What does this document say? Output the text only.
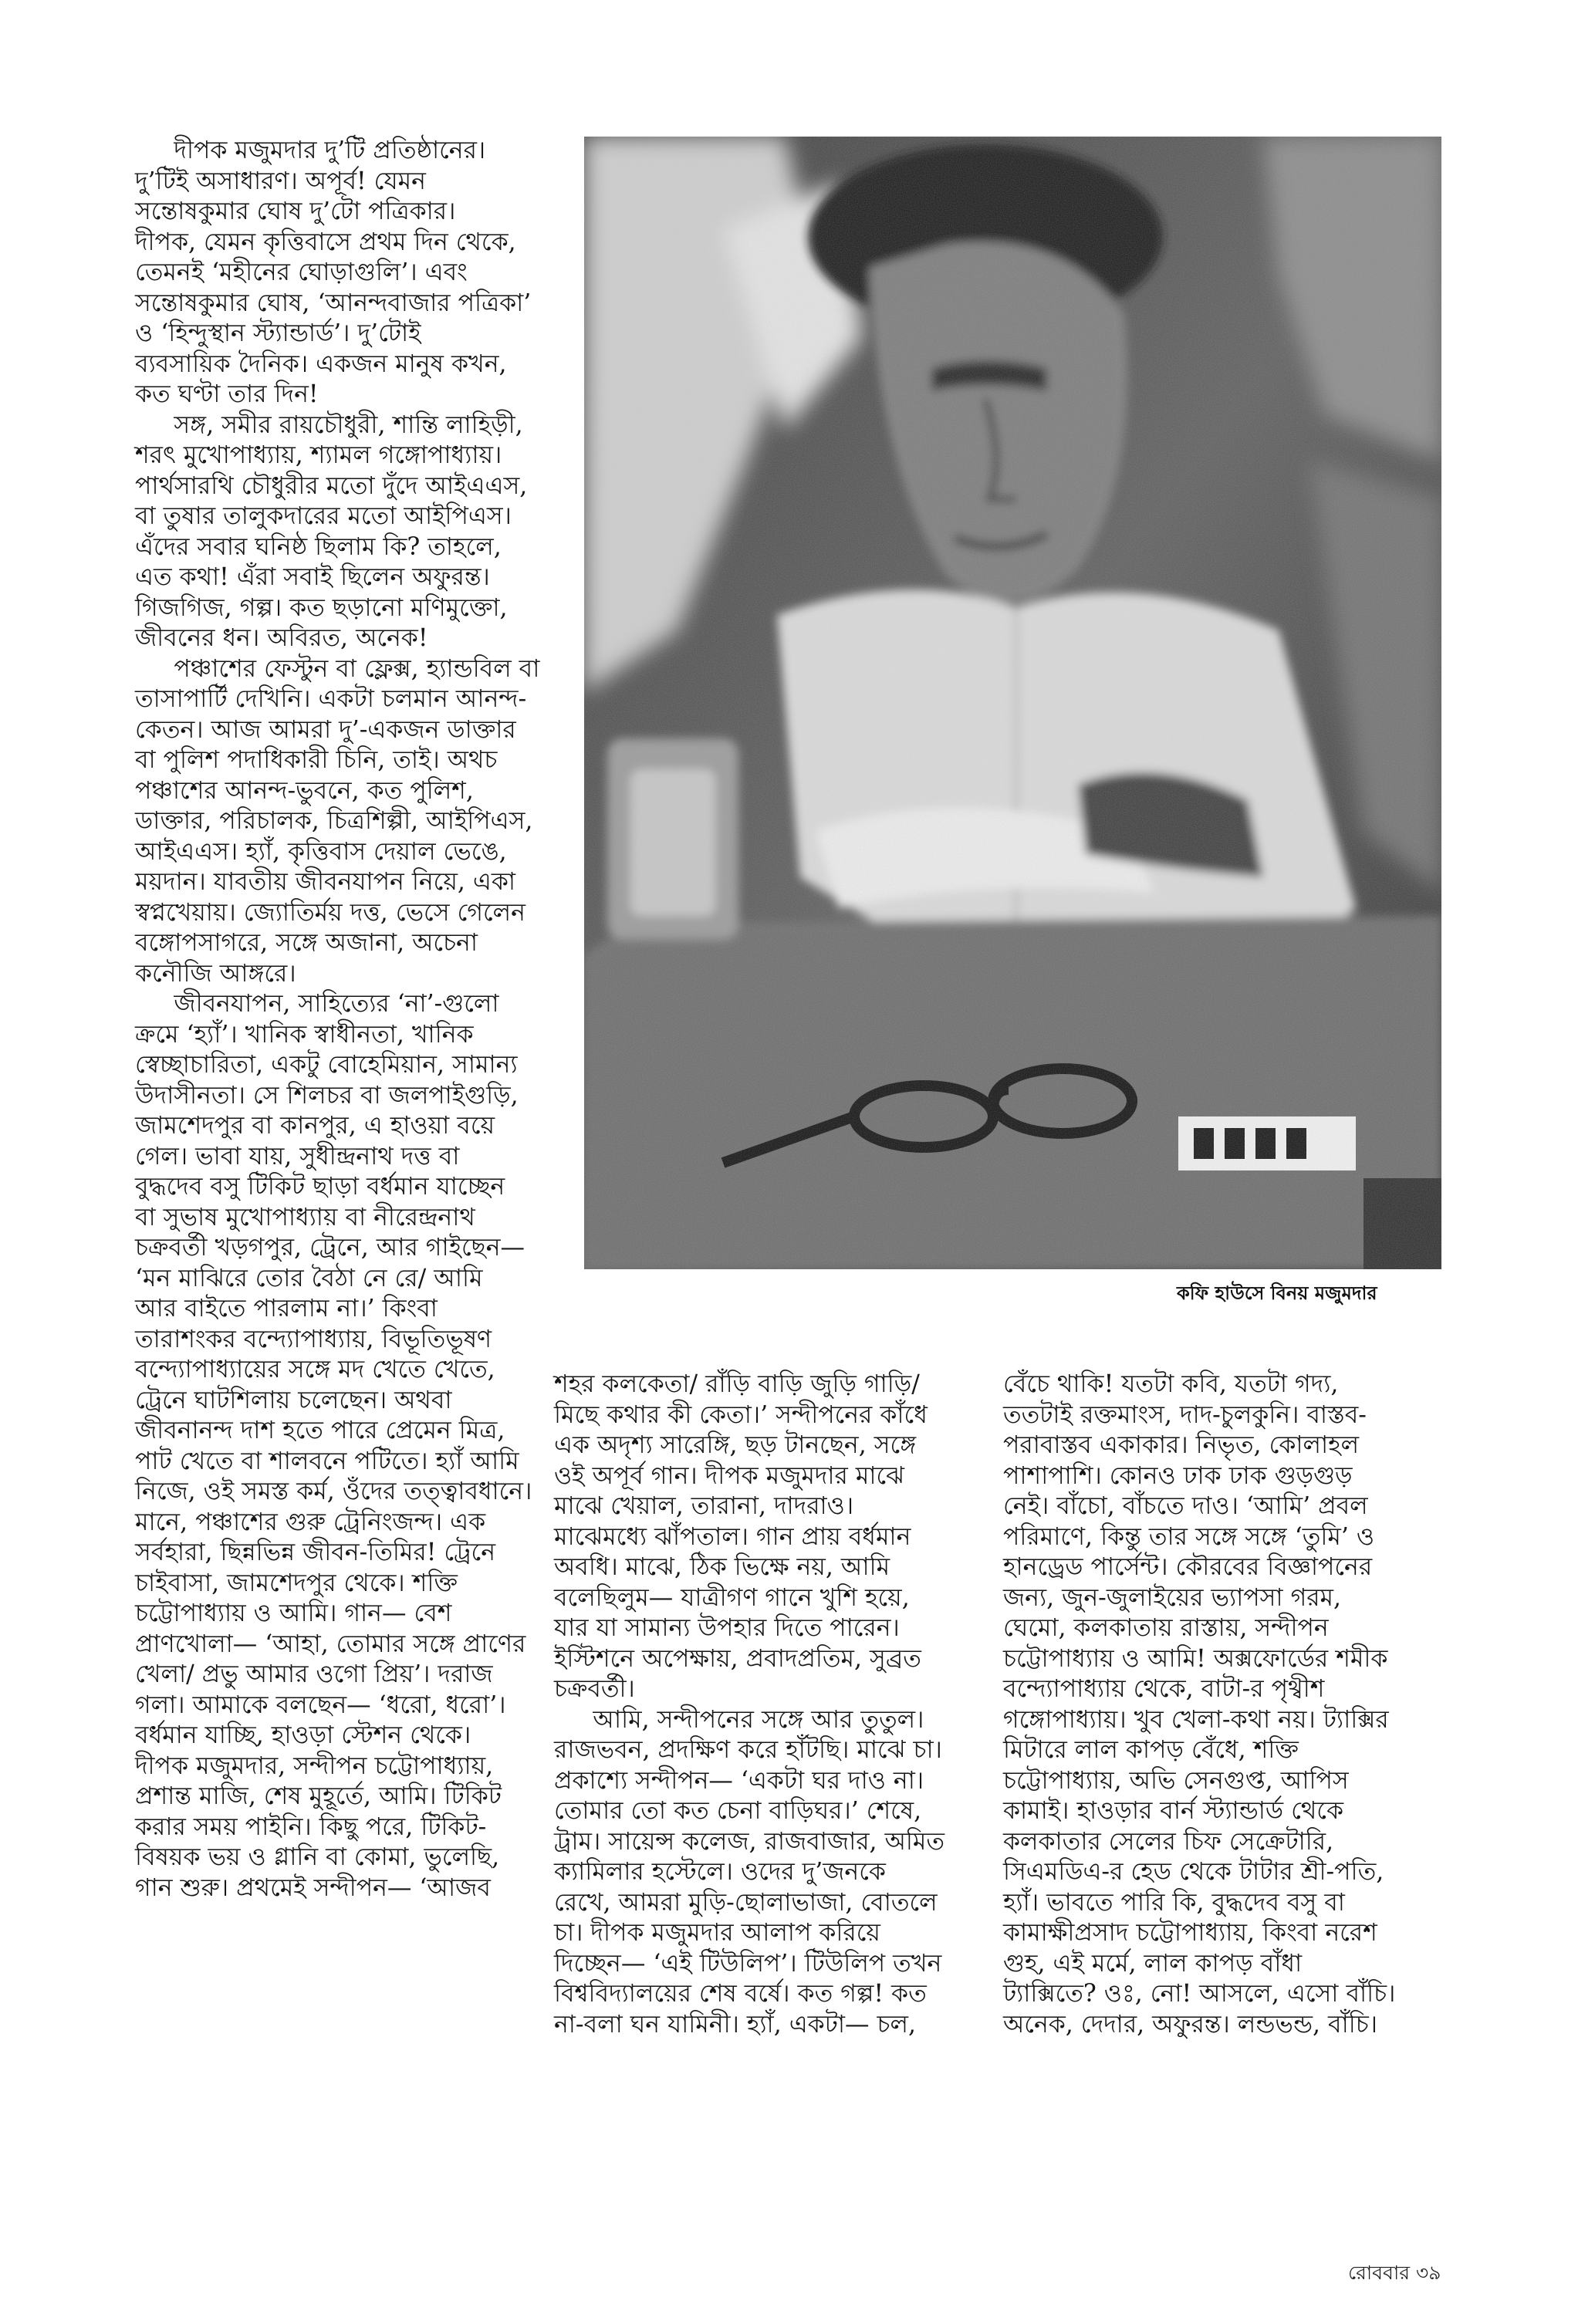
দীপক মজুমদার দু’টি প্রতিষ্ঠানের।
দু’টিই অসাধারণ। অপূর্ব! যেমন
সন্তোষকুমার ঘোষ দু’টো পত্রিকার।
দীপক, যেমন কৃত্তিবাসে প্রথম দিন থেকে,
তেমনই ‘মহীনের ঘোড়াগুলি’। এবং
সন্তোষকুমার ঘোষ, ‘আনন্দবাজার পত্রিকা’
ও ‘হিন্দুস্থান স্ট্যান্ডার্ড’। দু’টোই
ব্যবসায়িক দৈনিক। একজন মানুষ কখন,
কত ঘণ্টা তার দিন!

সঙ্গ, সমীর রায়চৌধুরী, শান্তি লাহিড়ী,
শরৎ মুখোপাধ্যায়, শ্যামল গঙ্গোপাধ্যায়।
পার্থসারথি চৌধুরীর মতো দুঁদে আইএএস,
বা তুষার তালুকদারের মতো আইপিএস।
এঁদের সবার ঘনিষ্ঠ ছিলাম কি? তাহলে,
এত কথা! এঁরা সবাই ছিলেন অফুরন্ত।
গিজগিজ, গল্প। কত ছড়ানো মণিমুক্তো,
জীবনের ধন। অবিরত, অনেক!

পঞ্চাশের ফেস্টুন বা ফ্লেক্স, হ্যান্ডবিল বা
তাসাপার্টি দেখিনি। একটা চলমান আনন্দ-
কেতন। আজ আমরা দু’-একজন ডাক্তার
বা পুলিশ পদাধিকারী চিনি, তাই। অথচ
পঞ্চাশের আনন্দ-ভুবনে, কত পুলিশ,
ডাক্তার, পরিচালক, চিত্রশিল্পী, আইপিএস,
আইএএস। হ্যাঁ, কৃত্তিবাস দেয়াল ভেঙে,
ময়দান। যাবতীয় জীবনযাপন নিয়ে, একা
স্বপ্নখেয়ায়। জ্যোতির্ময় দত্ত, ভেসে গেলেন
বঙ্গোপসাগরে, সঙ্গে অজানা, অচেনা
কনৌজি আঙ্গরে।

জীবনযাপন, সাহিত্যের ‘না’-গুলো
ক্রমে ‘হ্যাঁ’। খানিক স্বাধীনতা, খানিক
স্বেচ্ছাচারিতা, একটু বোহেমিয়ান, সামান্য
উদাসীনতা। সে শিলচর বা জলপাইগুড়ি,
জামশেদপুর বা কানপুর, এ হাওয়া বয়ে
গেল। ভাবা যায়, সুধীন্দ্রনাথ দত্ত বা
বুদ্ধদেব বসু টিকিট ছাড়া বর্ধমান যাচ্ছেন
বা সুভাষ মুখোপাধ্যায় বা নীরেন্দ্রনাথ
চক্রবর্তী খড়গপুর, ট্রেনে, আর গাইছেন—
‘মন মাঝিরে তোর বৈঠা নে রে/ আমি
আর বাইতে পারলাম না।’ কিংবা
তারাশংকর বন্দ্যোপাধ্যায়, বিভূতিভূষণ
বন্দ্যোপাধ্যায়ের সঙ্গে মদ খেতে খেতে,
ট্রেনে ঘাটশিলায় চলেছেন। অথবা
জীবনানন্দ দাশ হতে পারে প্রেমেন মিত্র,
পাট খেতে বা শালবনে পটিতে। হ্যাঁ আমি
নিজে, ওই সমস্ত কর্ম, ওঁদের তত্ত্বাবধানে।
মানে, পঞ্চাশের গুরু ট্রেনিংজন্দ। এক
সর্বহারা, ছিন্নভিন্ন জীবন-তিমির! ট্রেনে
চাইবাসা, জামশেদপুর থেকে। শক্তি
চট্টোপাধ্যায় ও আমি। গান— বেশ
প্রাণখোলা— ‘আহা, তোমার সঙ্গে প্রাণের
খেলা/ প্রভু আমার ওগো প্রিয়’। দরাজ
গলা। আমাকে বলছেন— ‘ধরো, ধরো’।
বর্ধমান যাচ্ছি, হাওড়া স্টেশন থেকে।
দীপক মজুমদার, সন্দীপন চট্টোপাধ্যায়,
প্রশান্ত মাজি, শেষ মুহূর্তে, আমি। টিকিট
করার সময় পাইনি। কিছু পরে, টিকিট-
বিষয়ক ভয় ও গ্লানি বা কোমা, ভুলেছি,
গান শুরু। প্রথমেই সন্দীপন— ‘আজব

কফি হাউসে বিনয় মজুমদার

শহর কলকেতা/ রাঁড়ি বাড়ি জুড়ি গাড়ি/
মিছে কথার কী কেতা।’ সন্দীপনের কাঁধে
এক অদৃশ্য সারেঙ্গি, ছড় টানছেন, সঙ্গে
ওই অপূর্ব গান। দীপক মজুমদার মাঝে
মাঝে খেয়াল, তারানা, দাদরাও।
মাঝেমধ্যে ঝাঁপতাল। গান প্রায় বর্ধমান
অবধি। মাঝে, ঠিক ভিক্ষে নয়, আমি
বলেছিলুম— যাত্রীগণ গানে খুশি হয়ে,
যার যা সামান্য উপহার দিতে পারেন।
ইস্টিশনে অপেক্ষায়, প্রবাদপ্রতিম, সুব্রত
চক্রবর্তী।

আমি, সন্দীপনের সঙ্গে আর তুতুল।
রাজভবন, প্রদক্ষিণ করে হাঁটছি। মাঝে চা।
প্রকাশ্যে সন্দীপন— ‘একটা ঘর দাও না।
তোমার তো কত চেনা বাড়িঘর।’ শেষে,
ট্রাম। সায়েন্স কলেজ, রাজবাজার, অমিত
ক্যামিলার হস্টেলে। ওদের দু’জনকে
রেখে, আমরা মুড়ি-ছোলাভাজা, বোতলে
চা। দীপক মজুমদার আলাপ করিয়ে
দিচ্ছেন— ‘এই টিউলিপ’। টিউলিপ তখন
বিশ্ববিদ্যালয়ের শেষ বর্ষে। কত গল্প! কত
না-বলা ঘন যামিনী। হ্যাঁ, একটা— চল,

বেঁচে থাকি! যতটা কবি, যতটা গদ্য,
ততটাই রক্তমাংস, দাদ-চুলকুনি। বাস্তব-
পরাবাস্তব একাকার। নিভৃত, কোলাহল
পাশাপাশি। কোনও ঢাক ঢাক গুড়গুড়
নেই। বাঁচো, বাঁচতে দাও। ‘আমি’ প্রবল
পরিমাণে, কিন্তু তার সঙ্গে সঙ্গে ‘তুমি’ ও
হানড্রেড পার্সেন্ট। কৌরবের বিজ্ঞাপনের
জন্য, জুন-জুলাইয়ের ভ্যাপসা গরম,
ঘেমো, কলকাতায় রাস্তায়, সন্দীপন
চট্টোপাধ্যায় ও আমি! অক্সফোর্ডের শমীক
বন্দ্যোপাধ্যায় থেকে, বাটা-র পৃথ্বীশ
গঙ্গোপাধ্যায়। খুব খেলা-কথা নয়। ট্যাক্সির
মিটারে লাল কাপড় বেঁধে, শক্তি
চট্টোপাধ্যায়, অভি সেনগুপ্ত, আপিস
কামাই। হাওড়ার বার্ন স্ট্যান্ডার্ড থেকে
কলকাতার সেলের চিফ সেক্রেটারি,
সিএমডিএ-র হেড থেকে টাটার শ্রী-পতি,
হ্যাঁ। ভাবতে পারি কি, বুদ্ধদেব বসু বা
কামাক্ষীপ্রসাদ চট্টোপাধ্যায়, কিংবা নরেশ
গুহ, এই মর্মে, লাল কাপড় বাঁধা
ট্যাক্সিতে? ওঃ, নো! আসলে, এসো বাঁচি।
অনেক, দেদার, অফুরন্ত। লন্ডভন্ড, বাঁচি।

রোববার ৩৯
